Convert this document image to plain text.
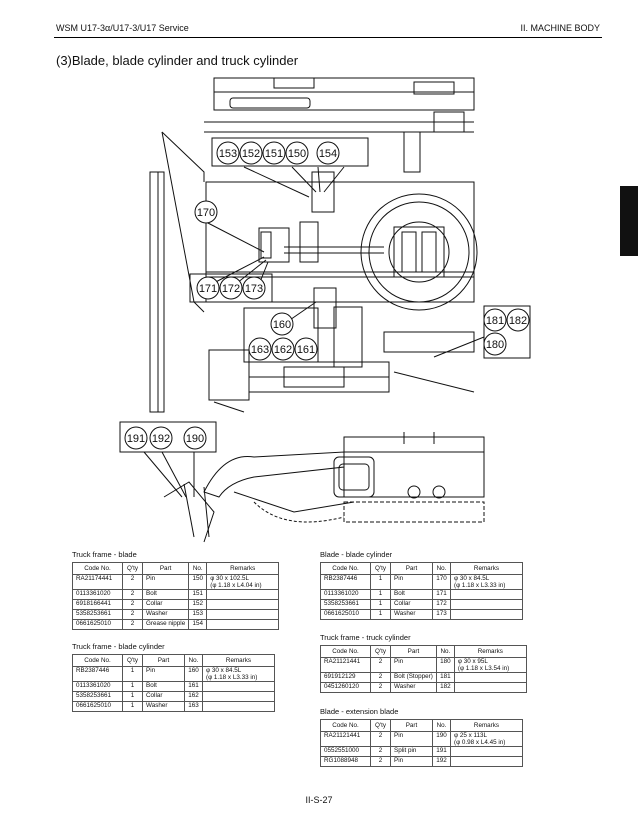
WSM U17-3α/U17-3/U17 Service	II. MACHINE BODY
(3)Blade, blade cylinder and truck cylinder
153 152 151 150 154
170
171 172 173
160
163 162 161
181 182
180
191 192 190
Truck frame - blade
Code No.	Q'ty	Part	No.	Remarks
RA21174441	2	Pin	150	φ 30 x 102.5L
(φ 1.18 x L4.04 in)
0113361020	2	Bolt	151	
6918166441	2	Collar	152	
5358253661	2	Washer	153	
0661625010	2	Grease nipple	154	
Truck frame - blade cylinder
Code No.	Q'ty	Part	No.	Remarks
RB2387446	1	Pin	160	φ 30 x 84.5L
(φ 1.18 x L3.33 in)
0113361020	1	Bolt	161	
5358253661	1	Collar	162	
0661625010	1	Washer	163	
Blade - blade cylinder
Code No.	Q'ty	Part	No.	Remarks
RB2387446	1	Pin	170	φ 30 x 84.5L
(φ 1.18 x L3.33 in)
0113361020	1	Bolt	171	
5358253661	1	Collar	172	
0661625010	1	Washer	173	
Truck frame - truck cylinder
Code No.	Q'ty	Part	No.	Remarks
RA21121441	2	Pin	180	φ 30 x 95L
(φ 1.18 x L3.54 in)
691912129	2	Bolt (Stopper)	181	
0451260120	2	Washer	182	
Blade - extension blade
Code No.	Q'ty	Part	No.	Remarks
RA21121441	2	Pin	190	φ 25 x 113L
(φ 0.98 x L4.45 in)
0552551000	2	Split pin	191	
RG1088948	2	Pin	192	
II-S-27
